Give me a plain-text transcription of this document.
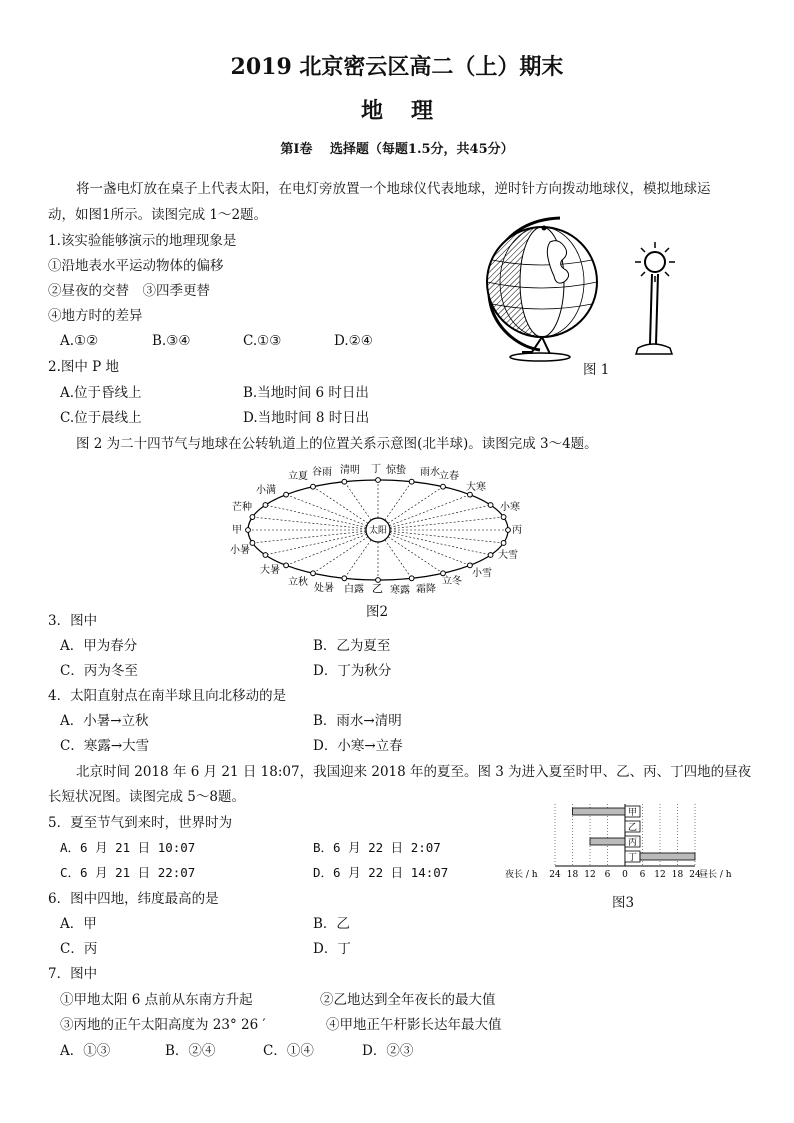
2019 北京密云区高二（上）期末
地理
第Ⅰ卷　 选择题（每题1.5分，共45分）
将一盏电灯放在桌子上代表太阳，在电灯旁放置一个地球仪代表地球，逆时针方向拨动地球仪，模拟地球运
动，如图1所示。读图完成 1～2题。
1.该实验能够演示的地理现象是
①沿地表水平运动物体的偏移
②昼夜的交替　③四季更替
④地方时的差异
A.①②	B.③④	C.①③	D.②④
图 1
2.图中 P 地
A.位于昏线上	B.当地时间 6 时日出
C.位于晨线上	D.当地时间 8 时日出
图 2 为二十四节气与地球在公转轨道上的位置关系示意图(北半球)。读图完成 3～4题。
太阳
立夏 谷雨 清明 丁 惊蛰 雨水 立春
小满	大寒
芒种	小寒
甲	丙
小暑	大雪
大暑	小雪
立秋	立冬
处暑 白露 乙 寒露 霜降
图2
3．图中
A．甲为春分	B．乙为夏至
C．丙为冬至	D．丁为秋分
4．太阳直射点在南半球且向北移动的是
A．小暑→立秋	B．雨水→清明
C．寒露→大雪	D．小寒→立春
北京时间 2018 年 6 月 21 日 18:07，我国迎来 2018 年的夏至。图 3 为进入夏至时甲、乙、丙、丁四地的昼夜
长短状况图。读图完成 5～8题。
5．夏至节气到来时，世界时为
A．6 月 21 日 10:07	B．6 月 22 日 2:07
C．6 月 21 日 22:07	D．6 月 22 日 14:07	24 18 12 6 0 6 12 18 24
夜长 / h	昼长 / h
甲
乙
丙
丁
图3
6．图中四地，纬度最高的是
A．甲	B．乙
C．丙	D．丁
7．图中
①甲地太阳 6 点前从东南方升起	②乙地达到全年夜长的最大值
③丙地的正午太阳高度为 23° 26 ′	④甲地正午杆影长达年最大值
A．①③	B．②④	C．①④	D．②③
